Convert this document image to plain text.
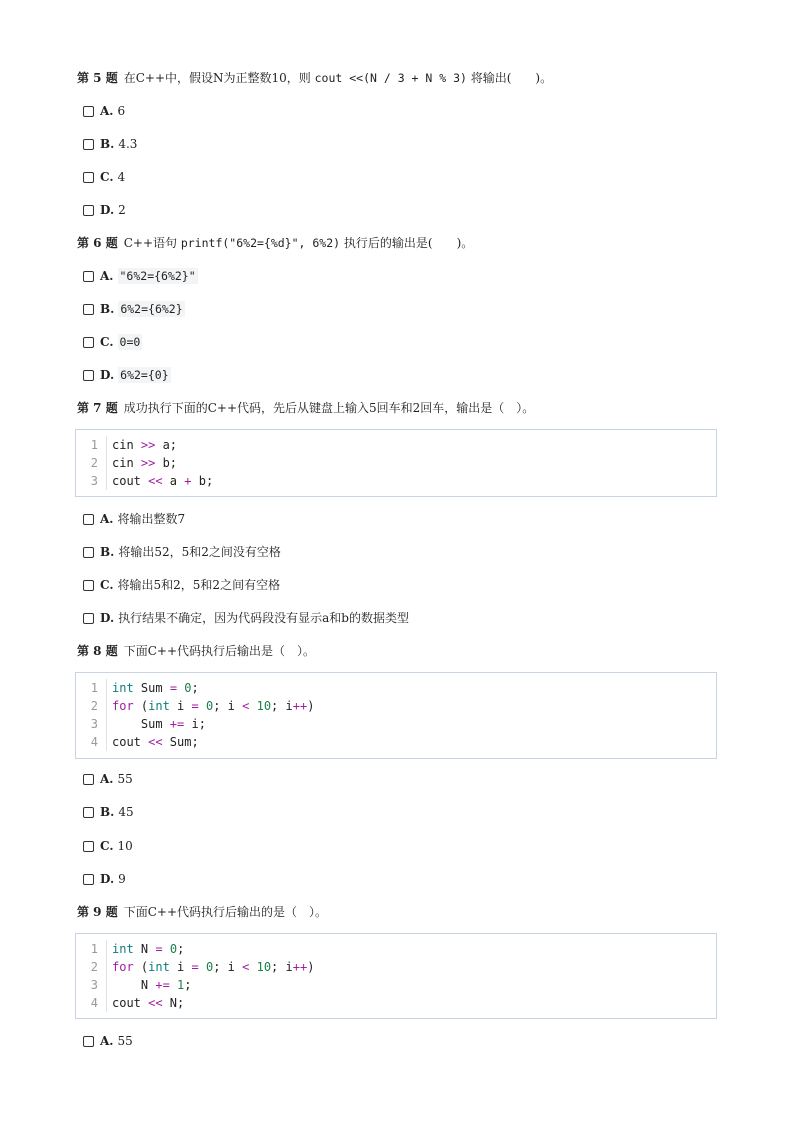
第 5 题 在C++中，假设N为正整数10，则 cout <<(N / 3 + N % 3) 将输出(　　)。
A. 6
B. 4.3
C. 4
D. 2
第 6 题 C++语句 printf("6%2={%d}", 6%2) 执行后的输出是(　　)。
A. "6%2={6%2}"
B. 6%2={6%2}
C. 0=0
D. 6%2={0}
第 7 题 成功执行下面的C++代码，先后从键盘上输入5回车和2回车，输出是（　）。
1	cin >> a;
2	cin >> b;
3	cout << a + b;
A. 将输出整数7
B. 将输出52，5和2之间没有空格
C. 将输出5和2，5和2之间有空格
D. 执行结果不确定，因为代码段没有显示a和b的数据类型
第 8 题 下面C++代码执行后输出是（　）。
1	int Sum = 0;
2	for (int i = 0; i < 10; i++)
3	Sum += i;
4	cout << Sum;
A. 55
B. 45
C. 10
D. 9
第 9 题 下面C++代码执行后输出的是（　）。
1	int N = 0;
2	for (int i = 0; i < 10; i++)
3	N += 1;
4	cout << N;
A. 55
